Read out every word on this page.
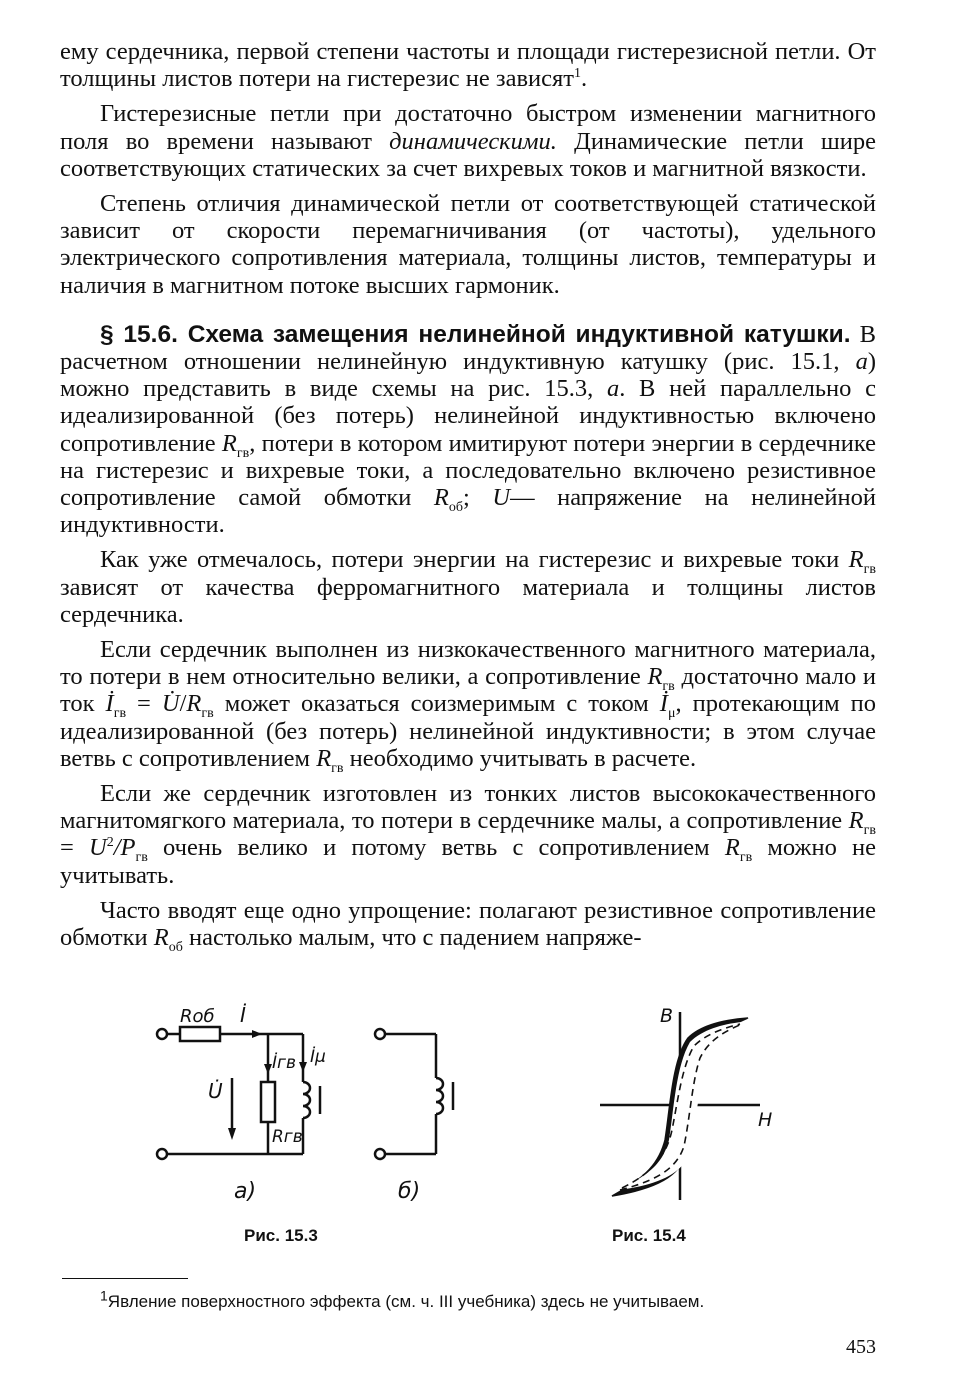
ему сердечника, первой степени частоты и площади гистерезисной петли. От толщины листов потери на гистерезис не зависят$^1$.

Гистерезисные петли при достаточно быстром изменении магнитного поля во времени называют динамическими. Динамические петли шире соответствующих статических за счет вихревых токов и магнитной вязкости.

Степень отличия динамической петли от соответствующей статической зависит от скорости перемагничивания (от частоты), удельного электрического сопротивления материала, толщины листов, температуры и наличия в магнитном потоке высших гармоник.

§ 15.6. Схема замещения нелинейной индуктивной катушки. В расчетном отношении нелинейную индуктивную катушку (рис. 15.1, а) можно представить в виде схемы на рис. 15.3, а. В ней параллельно с идеализированной (без потерь) нелинейной индуктивностью включено сопротивление $R_{гв}$, потери в котором имитируют потери энергии в сердечнике на гистерезис и вихревые токи, а последовательно включено резистивное сопротивление самой обмотки $R_{об}$; U— напряжение на нелинейной индуктивности.

Как уже отмечалось, потери энергии на гистерезис и вихревые токи $R_{гв}$ зависят от качества ферромагнитного материала и толщины листов сердечника.

Если сердечник выполнен из низкокачественного магнитного материала, то потери в нем относительно велики, а сопротивление $R_{гв}$ достаточно мало и ток $İ_{гв}$ = $U̇/R_{гв}$ может оказаться соизмеримым с током $İ_\mu$, протекающим по идеализированной (без потерь) нелинейной индуктивности; в этом случае ветвь с сопротивлением $R_{гв}$ необходимо учитывать в расчете.

Если же сердечник изготовлен из тонких листов высококачественного магнитомягкого материала, то потери в сердечнике малы, а сопротивление $R_{гв} = U^2/P_{гв}$ очень велико и потому ветвь с сопротивлением $R_{гв}$ можно не учитывать.

Часто вводят еще одно упрощение: полагают резистивное сопротивление обмотки $R_{об}$ настолько малым, что с падением напряже-

Rоб İ
İгв İμ
U̇
Rгв
а)	б)
B
H
Рис. 15.3	Рис. 15.4
$^1$Явление поверхностного эффекта (см. ч. III учебника) здесь не учитываем.
453
